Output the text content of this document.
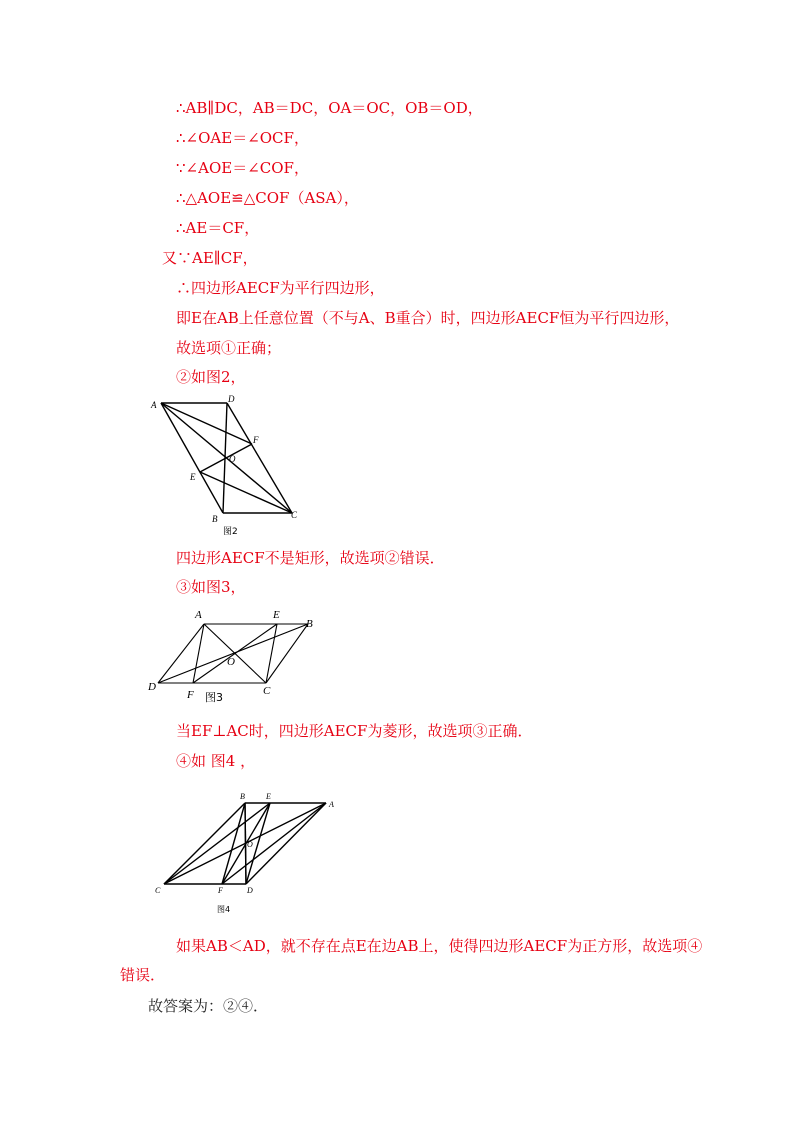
∴AB∥DC，AB＝DC，OA＝OC，OB＝OD，
∴∠OAE＝∠OCF，
∵∠AOE＝∠COF，
∴△AOE≌△COF（ASA），
∴AE＝CF，
又∵AE∥CF，
∴四边形AECF为平行四边形，
即E在AB上任意位置（不与A、B重合）时，四边形AECF恒为平行四边形，
故选项①正确；
②如图2，
A
D
F
O
E
B	C
图2
四边形AECF不是矩形，故选项②错误．
③如图3，
A	E
B
O
D
F	C
图3
当EF⊥AC时，四边形AECF为菱形，故选项③正确．
④如 图4 ，
B	E
A
O
C	F	D
图4
如果AB＜AD，就不存在点E在边AB上，使得四边形AECF为正方形，故选项④
错误．
故答案为：②④．
